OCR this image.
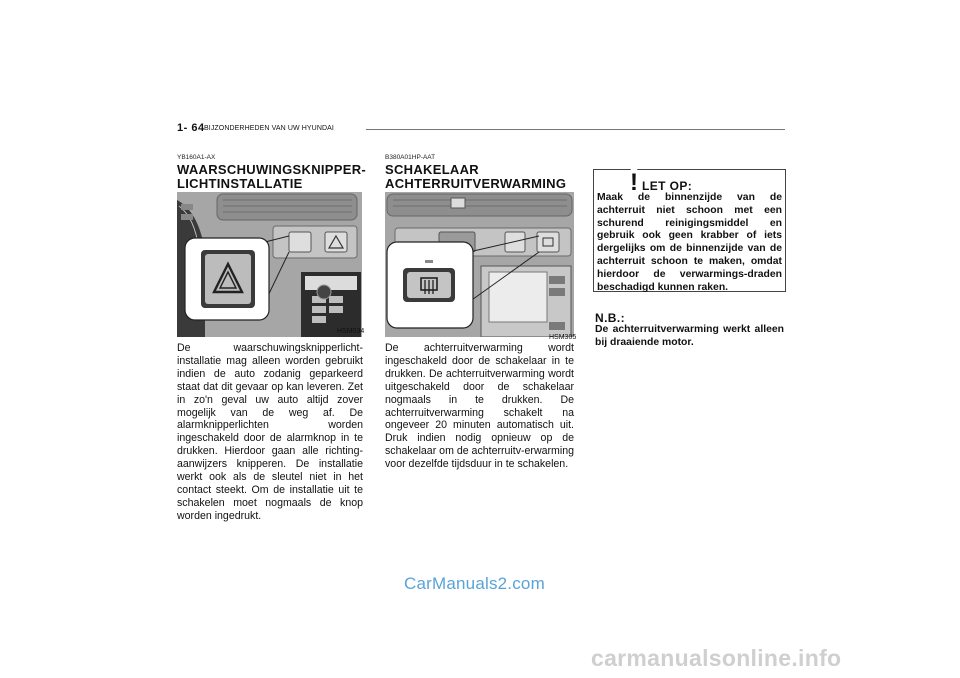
1- 64 BIJZONDERHEDEN VAN UW HYUNDAI
YB160A1-AX
WAARSCHUWINGSKNIPPER-
LICHTINSTALLATIE
HSM034
De waarschuwingsknipperlicht-installatie mag alleen worden gebruikt indien de auto zodanig geparkeerd staat dat dit gevaar op kan leveren. Zet in zo'n geval uw auto altijd zover mogelijk van de weg af. De alarmknipperlichten worden ingeschakeld door de alarmknop in te drukken. Hierdoor gaan alle richting-aanwijzers knipperen. De installatie werkt ook als de sleutel niet in het contact steekt. Om de installatie uit te schakelen moet nogmaals de knop worden ingedrukt.
B380A01HP-AAT
SCHAKELAAR
ACHTERRUITVERWARMING
HSM305
De achterruitverwarming wordt ingeschakeld door de schakelaar in te drukken. De achterruitverwarming wordt uitgeschakeld door de schakelaar nogmaals in te drukken. De achterruitverwarming schakelt na ongeveer 20 minuten automatisch uit. Druk indien nodig opnieuw op de schakelaar om de achterruitv-erwarming voor dezelfde tijdsduur in te schakelen.
! LET OP:
Maak de binnenzijde van de achterruit niet schoon met een schurend reinigingsmiddel en gebruik ook geen krabber of iets dergelijks om de binnenzijde van de achterruit schoon te maken, omdat hierdoor de verwarmings-draden beschadigd kunnen raken.
N.B.:
De achterruitverwarming werkt alleen bij draaiende motor.
CarManuals2.com
carmanualsonline.info
